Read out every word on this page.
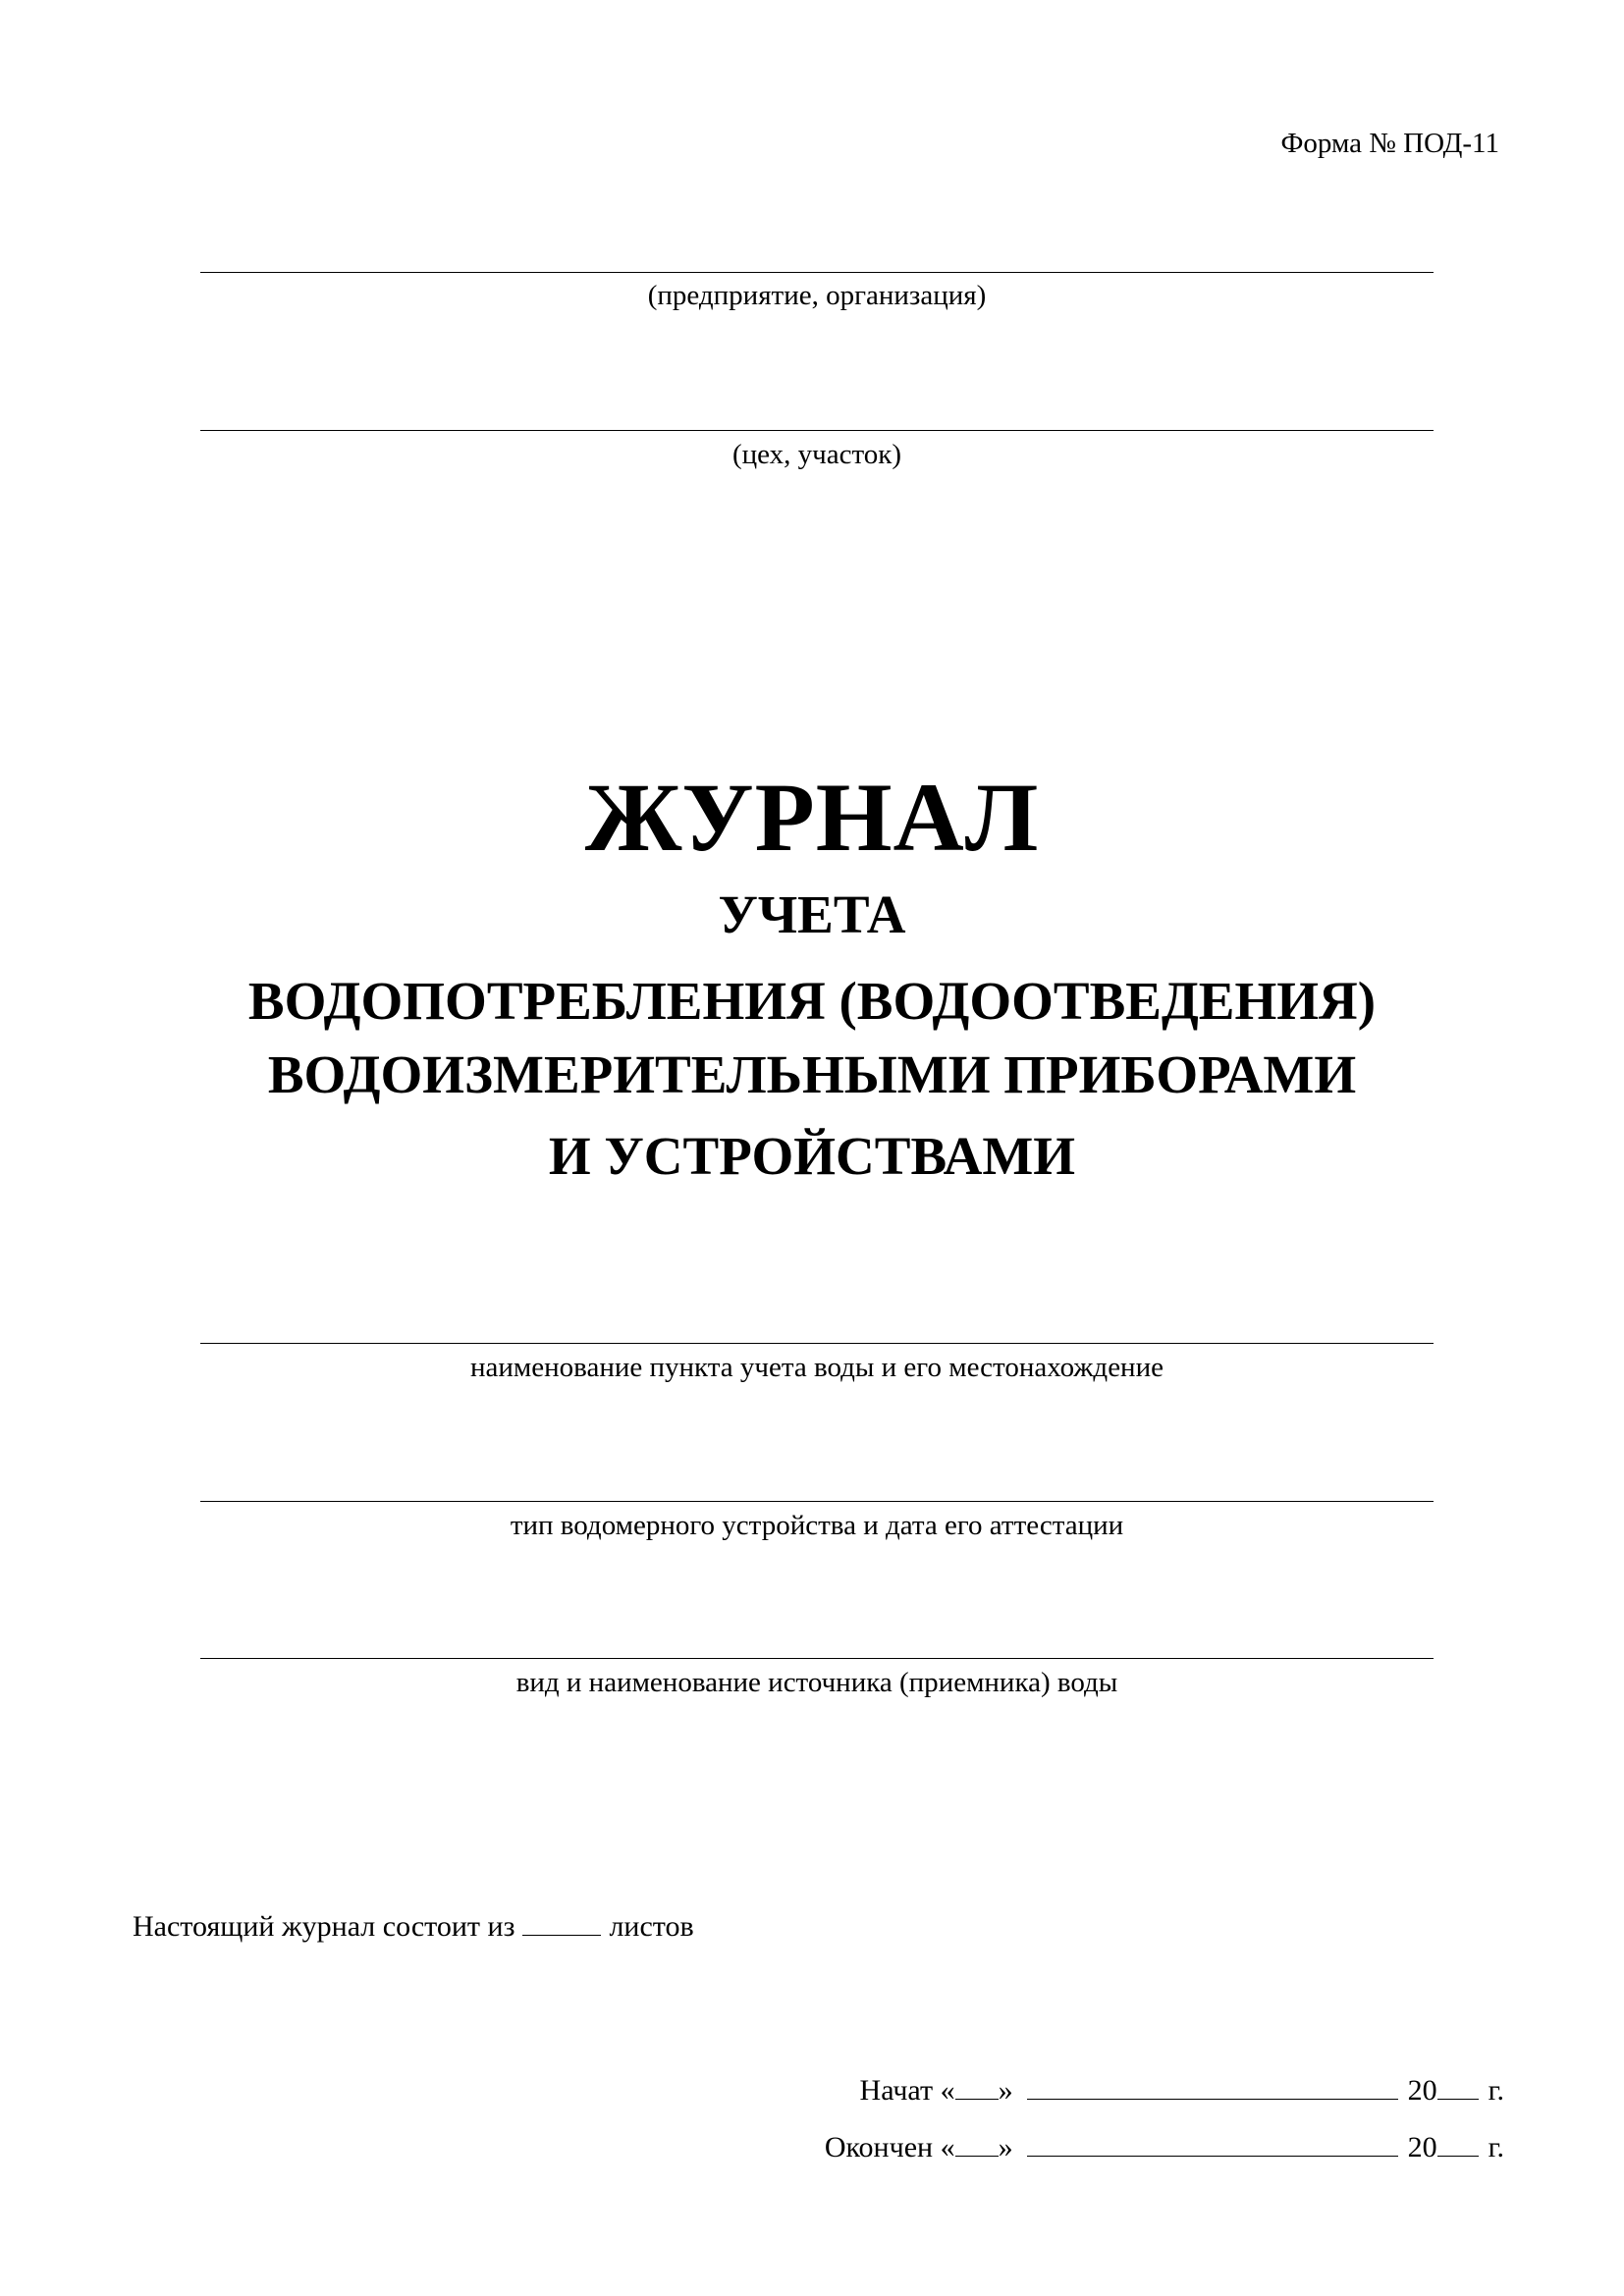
Форма № ПОД-11
(предприятие, организация)
(цех, участок)
ЖУРНАЛ
УЧЕТА
ВОДОПОТРЕБЛЕНИЯ (ВОДООТВЕДЕНИЯ)
ВОДОИЗМЕРИТЕЛЬНЫМИ ПРИБОРАМИ
И УСТРОЙСТВАМИ
наименование пункта учета воды и его местонахождение
тип водомерного устройства и дата его аттестации
вид и наименование источника (приемника) воды
Настоящий журнал состоит из	листов
Начат « »	20 г.
Окончен « »	20 г.
